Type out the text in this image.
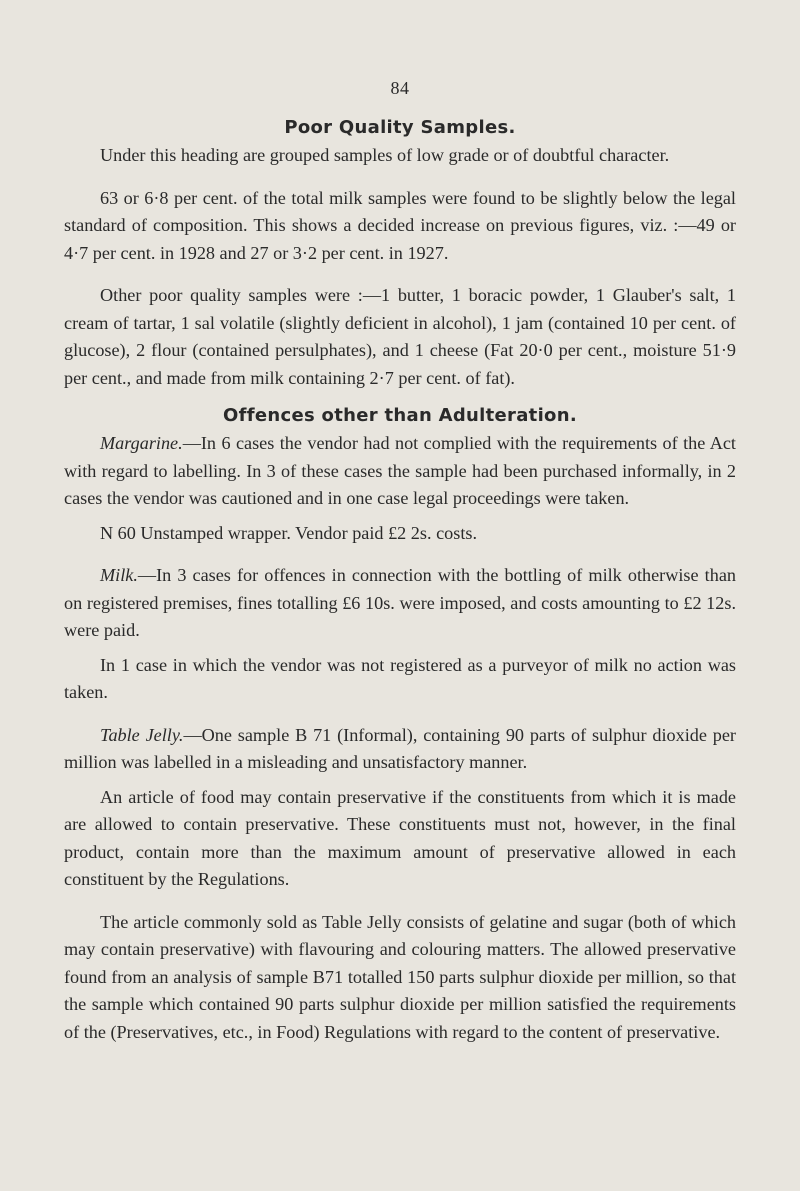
84
Poor Quality Samples.

Under this heading are grouped samples of low grade or of doubtful character.

63 or 6·8 per cent. of the total milk samples were found to be slightly below the legal standard of composition. This shows a decided increase on previous figures, viz. :—49 or 4·7 per cent. in 1928 and 27 or 3·2 per cent. in 1927.

Other poor quality samples were :—1 butter, 1 boracic powder, 1 Glauber's salt, 1 cream of tartar, 1 sal volatile (slightly deficient in alcohol), 1 jam (contained 10 per cent. of glucose), 2 flour (contained persulphates), and 1 cheese (Fat 20·0 per cent., moisture 51·9 per cent., and made from milk containing 2·7 per cent. of fat).

Offences other than Adulteration.

Margarine.—In 6 cases the vendor had not complied with the requirements of the Act with regard to labelling. In 3 of these cases the sample had been purchased informally, in 2 cases the vendor was cautioned and in one case legal proceedings were taken.

N 60 Unstamped wrapper. Vendor paid £2 2s. costs.

Milk.—In 3 cases for offences in connection with the bottling of milk otherwise than on registered premises, fines totalling £6 10s. were imposed, and costs amounting to £2 12s. were paid.

In 1 case in which the vendor was not registered as a purveyor of milk no action was taken.

Table Jelly.—One sample B 71 (Informal), containing 90 parts of sulphur dioxide per million was labelled in a misleading and unsatisfactory manner.

An article of food may contain preservative if the constituents from which it is made are allowed to contain preservative. These constituents must not, however, in the final product, contain more than the maximum amount of preservative allowed in each constituent by the Regulations.

The article commonly sold as Table Jelly consists of gelatine and sugar (both of which may contain preservative) with flavouring and colouring matters. The allowed preservative found from an analysis of sample B71 totalled 150 parts sulphur dioxide per million, so that the sample which contained 90 parts sulphur dioxide per million satisfied the requirements of the (Preservatives, etc., in Food) Regulations with regard to the content of preservative.
